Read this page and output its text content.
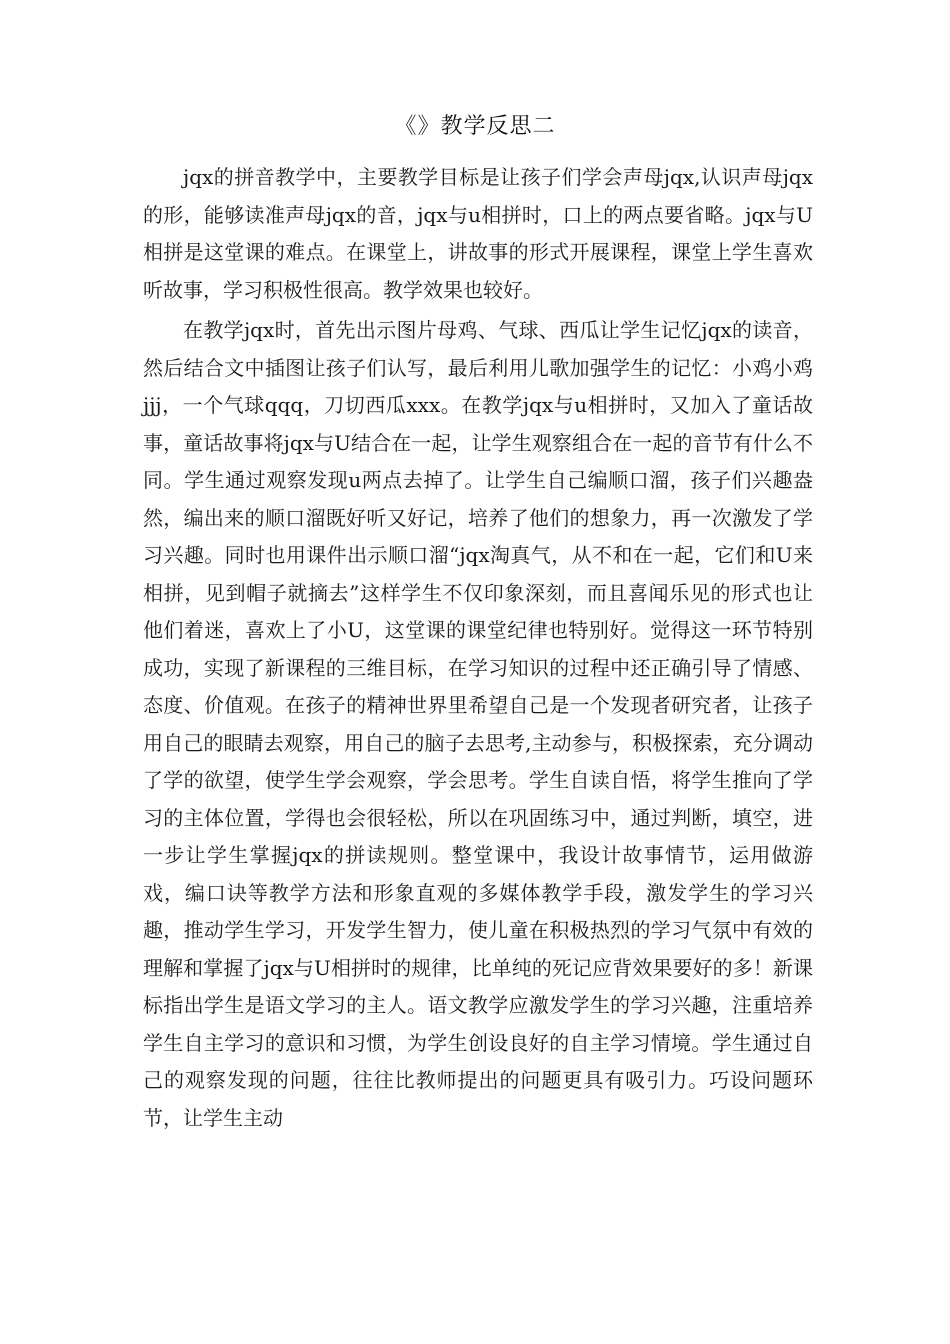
《》教学反思二

jqx的拼音教学中，主要教学目标是让孩子们学会声母jqx,认识声母jqx的形，能够读准声母jqx的音，jqx与u相拼时，口上的两点要省略。jqx与U相拼是这堂课的难点。在课堂上，讲故事的形式开展课程，课堂上学生喜欢听故事，学习积极性很高。教学效果也较好。

在教学jqx时，首先出示图片母鸡、气球、西瓜让学生记忆jqx的读音，然后结合文中插图让孩子们认写，最后利用儿歌加强学生的记忆：小鸡小鸡jjj，一个气球qqq，刀切西瓜xxx。在教学jqx与u相拼时，又加入了童话故事，童话故事将jqx与U结合在一起，让学生观察组合在一起的音节有什么不同。学生通过观察发现u两点去掉了。让学生自己编顺口溜，孩子们兴趣盎然，编出来的顺口溜既好听又好记，培养了他们的想象力，再一次激发了学习兴趣。同时也用课件出示顺口溜“jqx淘真气，从不和在一起，它们和U来相拼，见到帽子就摘去”这样学生不仅印象深刻，而且喜闻乐见的形式也让他们着迷，喜欢上了小U，这堂课的课堂纪律也特别好。觉得这一环节特别成功，实现了新课程的三维目标，在学习知识的过程中还正确引导了情感、态度、价值观。在孩子的精神世界里希望自己是一个发现者研究者，让孩子用自己的眼睛去观察，用自己的脑子去思考,主动参与，积极探索，充分调动了学的欲望，使学生学会观察，学会思考。学生自读自悟，将学生推向了学习的主体位置，学得也会很轻松，所以在巩固练习中，通过判断，填空，进一步让学生掌握jqx的拼读规则。整堂课中，我设计故事情节，运用做游戏，编口诀等教学方法和形象直观的多媒体教学手段，激发学生的学习兴趣，推动学生学习，开发学生智力，使儿童在积极热烈的学习气氛中有效的理解和掌握了jqx与U相拼时的规律，比单纯的死记应背效果要好的多！新课标指出学生是语文学习的主人。语文教学应激发学生的学习兴趣，注重培养学生自主学习的意识和习惯，为学生创设良好的自主学习情境。学生通过自己的观察发现的问题，往往比教师提出的问题更具有吸引力。巧设问题环节，让学生主动
